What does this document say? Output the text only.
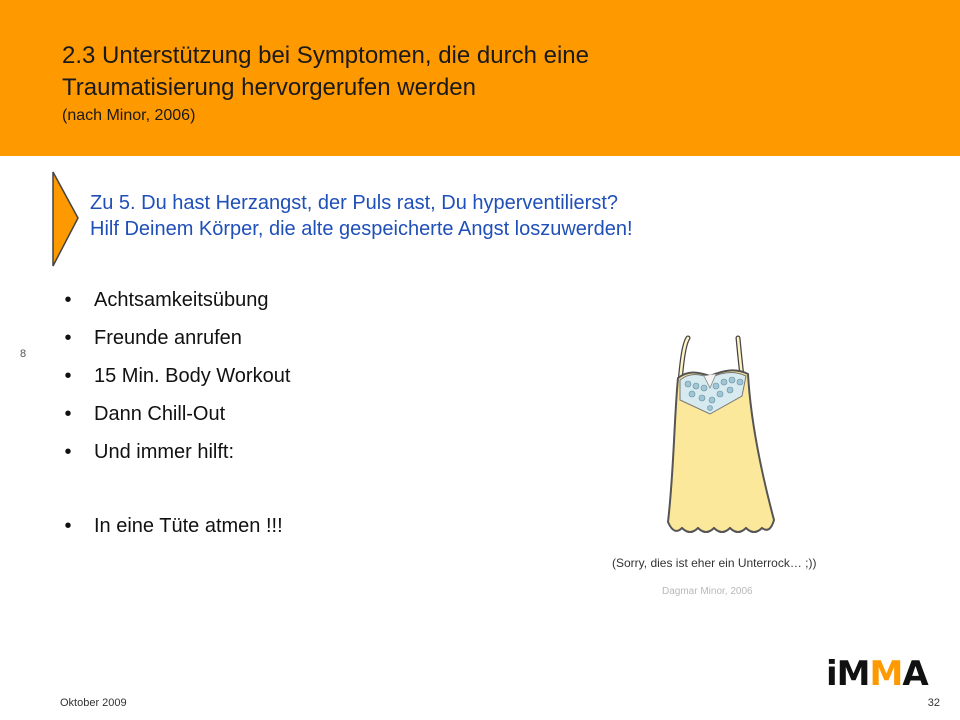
2.3 Unterstützung bei Symptomen, die durch eine
Traumatisierung hervorgerufen werden
(nach Minor, 2006)
Zu 5. Du hast Herzangst, der Puls rast, Du hyperventilierst?
Hilf Deinem Körper, die alte gespeicherte Angst loszuwerden!
8
•	Achtsamkeitsübung
•	Freunde anrufen
•	15 Min. Body Workout
•	Dann Chill-Out
•	Und immer hilft:
•	In eine Tüte atmen !!!
(Sorry, dies ist eher ein Unterrock… ;))
Dagmar Minor, 2006
Oktober 2009
iMMA
32
